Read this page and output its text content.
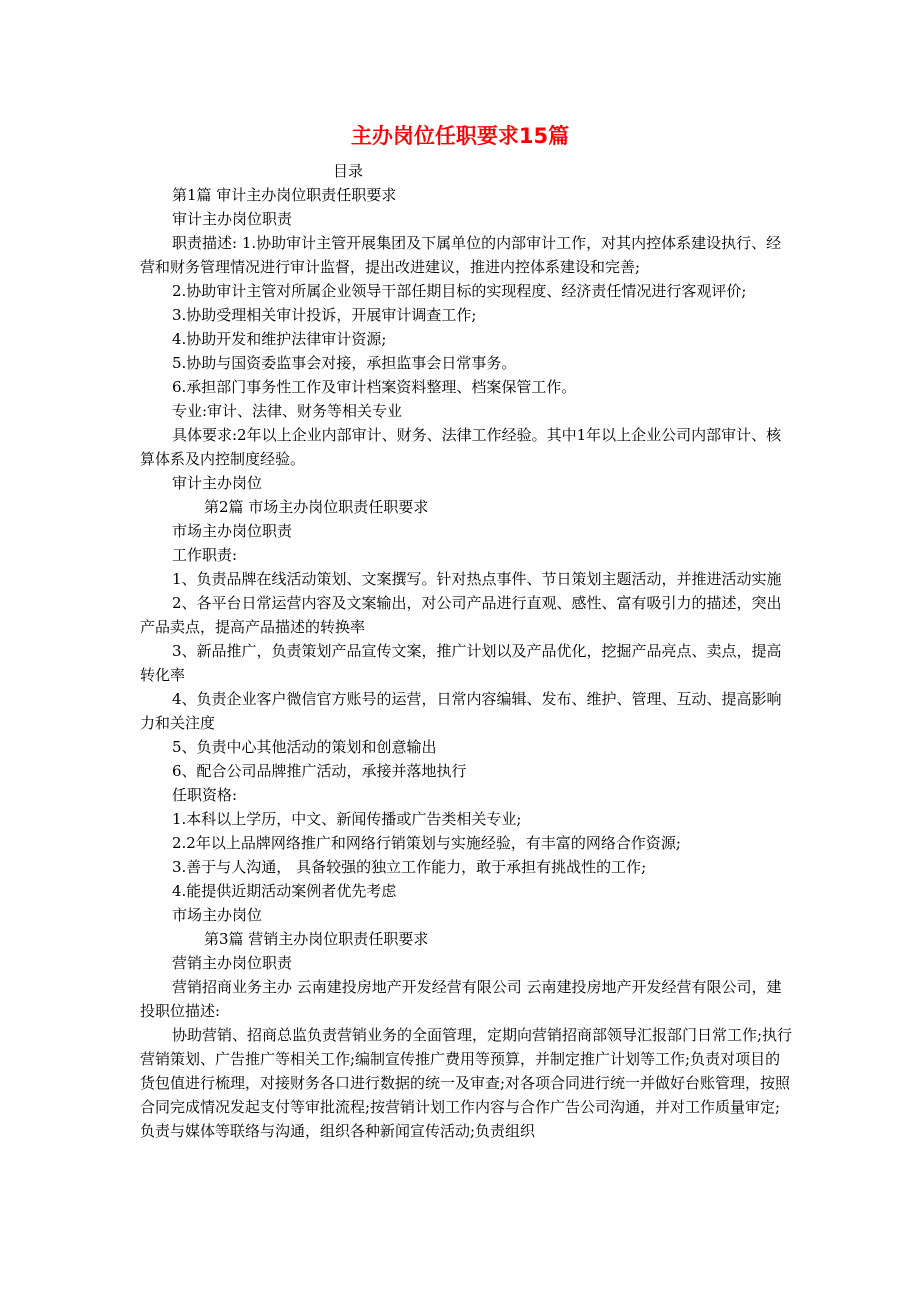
主办岗位任职要求15篇
目录

第1篇 审计主办岗位职责任职要求

审计主办岗位职责

职责描述: 1.协助审计主管开展集团及下属单位的内部审计工作，对其内控体系建设执行、经营和财务管理情况进行审计监督，提出改进建议，推进内控体系建设和完善;

2.协助审计主管对所属企业领导干部任期目标的实现程度、经济责任情况进行客观评价;

3.协助受理相关审计投诉，开展审计调查工作;

4.协助开发和维护法律审计资源;

5.协助与国资委监事会对接，承担监事会日常事务。

6.承担部门事务性工作及审计档案资料整理、档案保管工作。

专业:审计、法律、财务等相关专业

具体要求:2年以上企业内部审计、财务、法律工作经验。其中1年以上企业公司内部审计、核算体系及内控制度经验。

审计主办岗位

第2篇 市场主办岗位职责任职要求

市场主办岗位职责

工作职责:

1、负责品牌在线活动策划、文案撰写。针对热点事件、节日策划主题活动，并推进活动实施

2、各平台日常运营内容及文案输出，对公司产品进行直观、感性、富有吸引力的描述，突出产品卖点，提高产品描述的转换率

3、新品推广，负责策划产品宣传文案，推广计划以及产品优化，挖掘产品亮点、卖点，提高转化率

4、负责企业客户微信官方账号的运营，日常内容编辑、发布、维护、管理、互动、提高影响力和关注度

5、负责中心其他活动的策划和创意输出

6、配合公司品牌推广活动，承接并落地执行

任职资格:

1.本科以上学历，中文、新闻传播或广告类相关专业;

2.2年以上品牌网络推广和网络行销策划与实施经验，有丰富的网络合作资源;

3.善于与人沟通， 具备较强的独立工作能力，敢于承担有挑战性的工作;

4.能提供近期活动案例者优先考虑

市场主办岗位

第3篇 营销主办岗位职责任职要求

营销主办岗位职责

营销招商业务主办 云南建投房地产开发经营有限公司 云南建投房地产开发经营有限公司，建投职位描述:

协助营销、招商总监负责营销业务的全面管理，定期向营销招商部领导汇报部门日常工作;执行营销策划、广告推广等相关工作;编制宣传推广费用等预算，并制定推广计划等工作;负责对项目的货包值进行梳理，对接财务各口进行数据的统一及审查;对各项合同进行统一并做好台账管理，按照合同完成情况发起支付等审批流程;按营销计划工作内容与合作广告公司沟通，并对工作质量审定;负责与媒体等联络与沟通，组织各种新闻宣传活动;负责组织
